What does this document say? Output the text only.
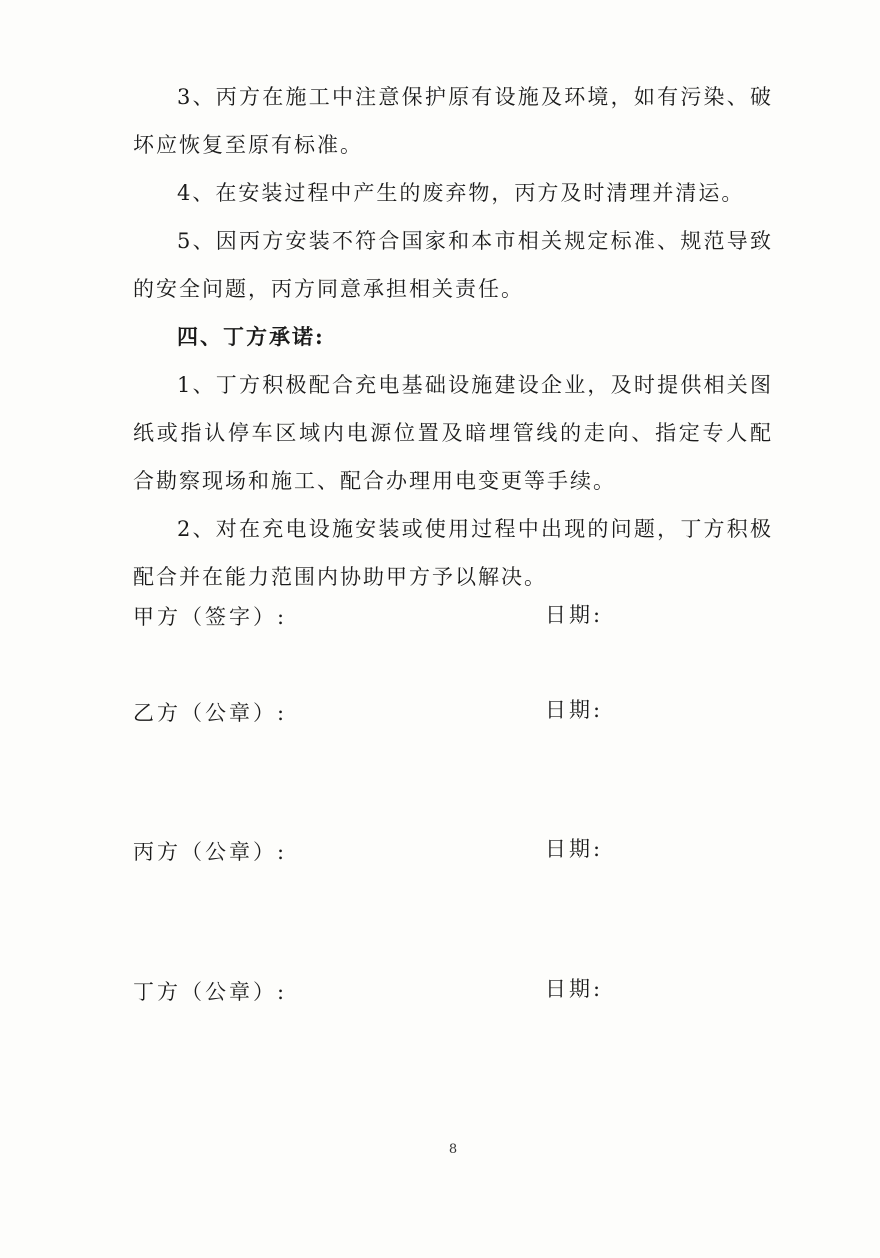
3、丙方在施工中注意保护原有设施及环境，如有污染、破坏应恢复至原有标准。

4、在安装过程中产生的废弃物，丙方及时清理并清运。

5、因丙方安装不符合国家和本市相关规定标准、规范导致的安全问题，丙方同意承担相关责任。

四、丁方承诺:

1、丁方积极配合充电基础设施建设企业，及时提供相关图纸或指认停车区域内电源位置及暗埋管线的走向、指定专人配合勘察现场和施工、配合办理用电变更等手续。

2、对在充电设施安装或使用过程中出现的问题，丁方积极配合并在能力范围内协助甲方予以解决。

甲方（签字）:	日期:
乙方（公章）:	日期:
丙方（公章）:	日期:
丁方（公章）:	日期:
8
